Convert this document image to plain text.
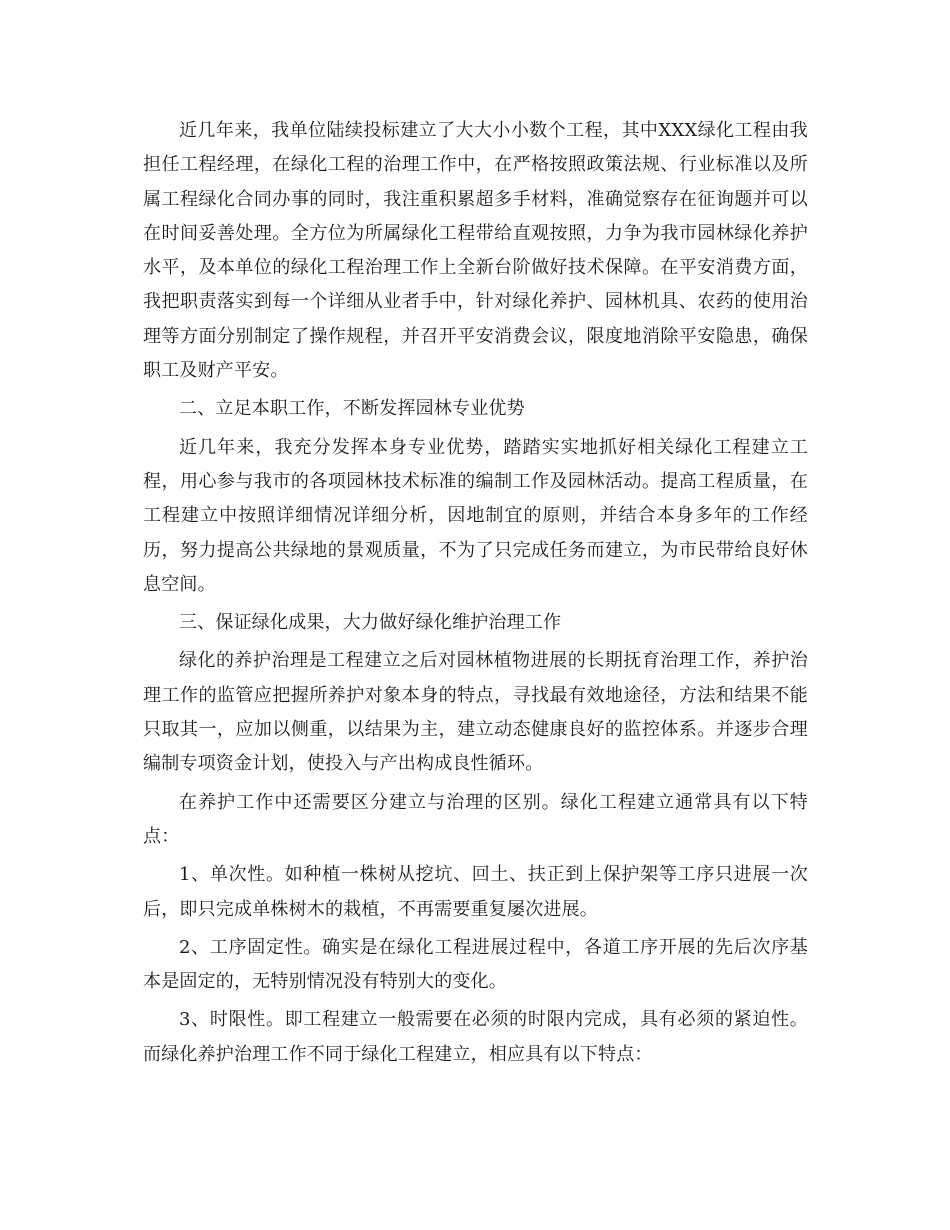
近几年来，我单位陆续投标建立了大大小小数个工程，其中XXX绿化工程由我担任工程经理，在绿化工程的治理工作中，在严格按照政策法规、行业标准以及所属工程绿化合同办事的同时，我注重积累超多手材料，准确觉察存在征询题并可以在时间妥善处理。全方位为所属绿化工程带给直观按照，力争为我市园林绿化养护水平，及本单位的绿化工程治理工作上全新台阶做好技术保障。在平安消费方面，我把职责落实到每一个详细从业者手中，针对绿化养护、园林机具、农药的使用治理等方面分别制定了操作规程，并召开平安消费会议，限度地消除平安隐患，确保职工及财产平安。

二、立足本职工作，不断发挥园林专业优势

近几年来，我充分发挥本身专业优势，踏踏实实地抓好相关绿化工程建立工程，用心参与我市的各项园林技术标准的编制工作及园林活动。提高工程质量，在工程建立中按照详细情况详细分析，因地制宜的原则，并结合本身多年的工作经历，努力提高公共绿地的景观质量，不为了只完成任务而建立，为市民带给良好休息空间。

三、保证绿化成果，大力做好绿化维护治理工作

绿化的养护治理是工程建立之后对园林植物进展的长期抚育治理工作，养护治理工作的监管应把握所养护对象本身的特点，寻找最有效地途径，方法和结果不能只取其一，应加以侧重，以结果为主，建立动态健康良好的监控体系。并逐步合理编制专项资金计划，使投入与产出构成良性循环。

在养护工作中还需要区分建立与治理的区别。绿化工程建立通常具有以下特点：

1、单次性。如种植一株树从挖坑、回土、扶正到上保护架等工序只进展一次后，即只完成单株树木的栽植，不再需要重复屡次进展。

2、工序固定性。确实是在绿化工程进展过程中，各道工序开展的先后次序基本是固定的，无特别情况没有特别大的变化。

3、时限性。即工程建立一般需要在必须的时限内完成，具有必须的紧迫性。而绿化养护治理工作不同于绿化工程建立，相应具有以下特点：
